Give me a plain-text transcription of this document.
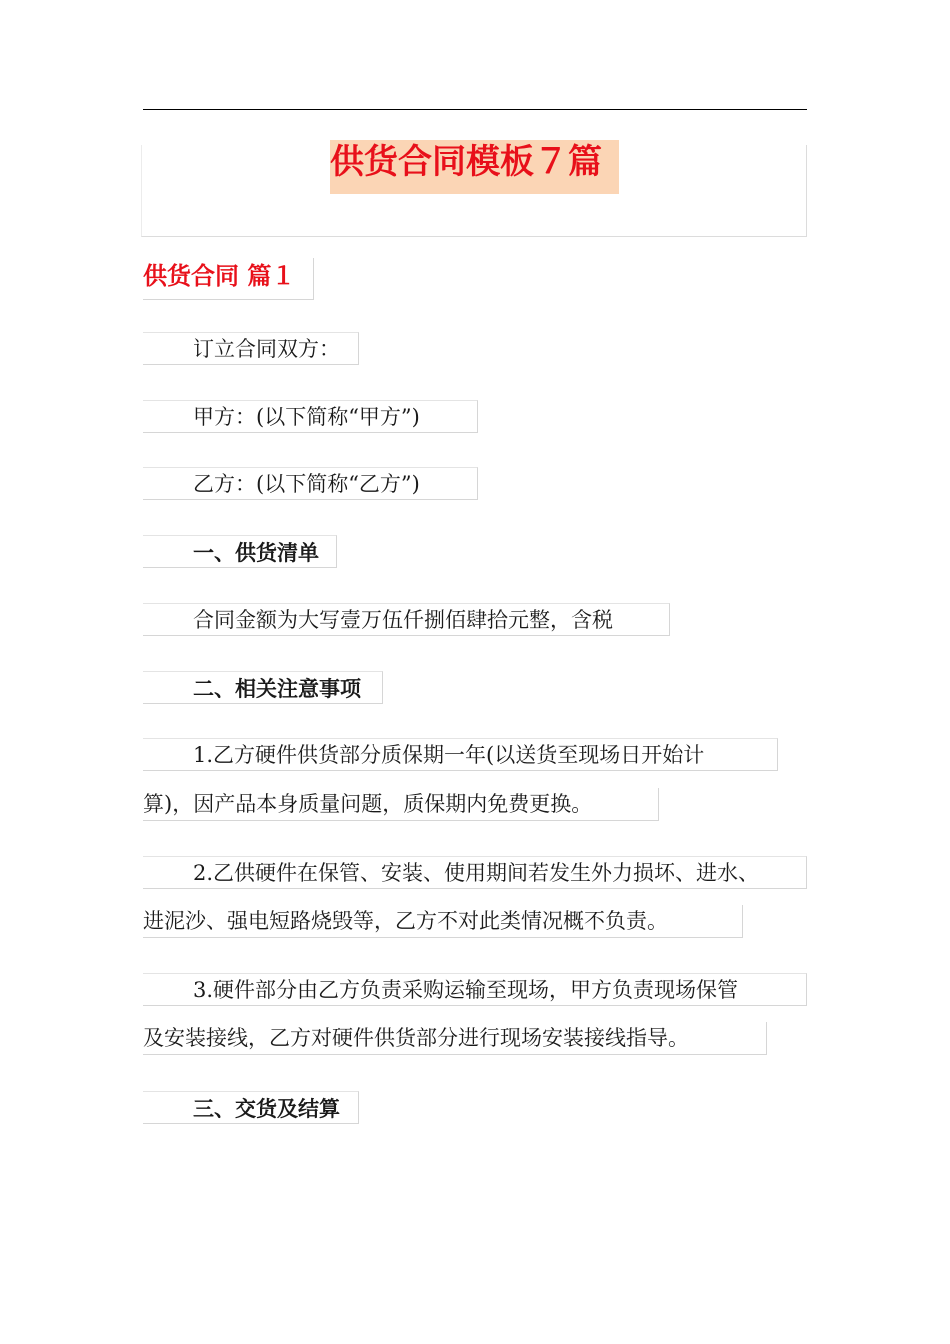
供货合同模板７篇
供货合同 篇１
订立合同双方：
甲方：(以下简称“甲方”)
乙方：(以下简称“乙方”)
一、供货清单
合同金额为大写壹万伍仟捌佰肆拾元整，含税
二、相关注意事项
1.乙方硬件供货部分质保期一年(以送货至现场日开始计
算)，因产品本身质量问题，质保期内免费更换。
2.乙供硬件在保管、安装、使用期间若发生外力损坏、进水、
进泥沙、强电短路烧毁等，乙方不对此类情况概不负责。
3.硬件部分由乙方负责采购运输至现场，甲方负责现场保管
及安装接线，乙方对硬件供货部分进行现场安装接线指导。
三、交货及结算
